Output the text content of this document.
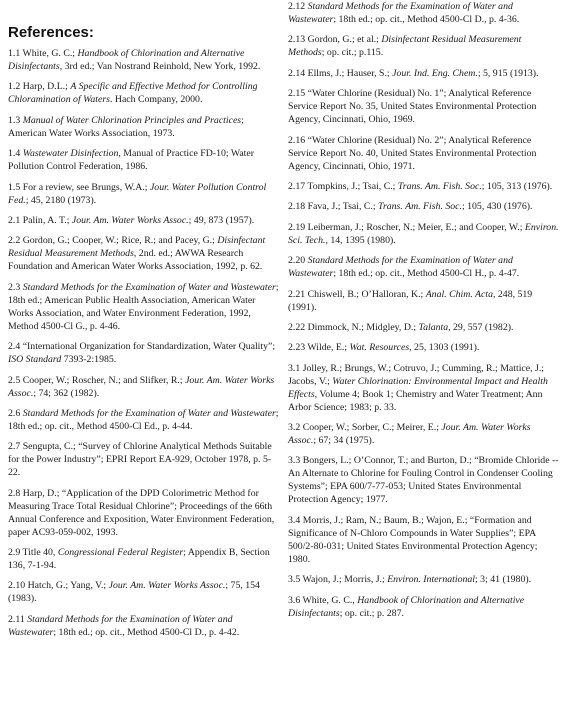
References:

1.1 White, G. C.; Handbook of Chlorination and Alternative Disinfectants, 3rd ed.; Van Nostrand Reinhold, New York, 1992.

1.2 Harp, D.L.; A Specific and Effective Method for Controlling Chloramination of Waters. Hach Company, 2000.

1.3 Manual of Water Chlorination Principles and Practices; American Water Works Association, 1973.

1.4 Wastewater Disinfection, Manual of Practice FD-10; Water Pollution Control Federation, 1986.

1.5 For a review, see Brungs, W.A.; Jour. Water Pollution Control Fed.; 45, 2180 (1973).

2.1 Palin, A. T.; Jour. Am. Water Works Assoc.; 49, 873 (1957).

2.2 Gordon, G.; Cooper, W.; Rice, R.; and Pacey, G.; Disinfectant Residual Measurement Methods, 2nd. ed.; AWWA Research Foundation and American Water Works Association, 1992, p. 62.

2.3 Standard Methods for the Examination of Water and Wastewater; 18th ed.; American Public Health Association, American Water Works Association, and Water Environment Federation, 1992, Method 4500-Cl G., p. 4-46.

2.4 “International Organization for Standardization, Water Quality”; ISO Standard 7393-2:1985.

2.5 Cooper, W.; Roscher, N.; and Slifker, R.; Jour. Am. Water Works Assoc.; 74; 362 (1982).

2.6 Standard Methods for the Examination of Water and Wastewater; 18th ed.; op. cit., Method 4500-Cl Ed., p. 4-44.

2.7 Sengupta, C.; “Survey of Chlorine Analytical Methods Suitable for the Power Industry”; EPRI Report EA-929, October 1978, p. 5-22.

2.8 Harp, D.; “Application of the DPD Colorimetric Method for Measuring Trace Total Residual Chlorine”; Proceedings of the 66th Annual Conference and Exposition, Water Environment Federation, paper AC93-059-002, 1993.

2.9 Title 40, Congressional Federal Register; Appendix B, Section 136, 7-1-94.

2.10 Hatch, G.; Yang, V.; Jour. Am. Water Works Assoc.; 75, 154 (1983).

2.11 Standard Methods for the Examination of Water and Wastewater; 18th ed.; op. cit., Method 4500-Cl D., p. 4-42.

2.12 Standard Methods for the Examination of Water and Wastewater; 18th ed.; op. cit., Method 4500-Cl D., p. 4-36.

2.13 Gordon, G.; et al.; Disinfectant Residual Measurement Methods; op. cit.; p.115.

2.14 Ellms, J.; Hauser, S.; Jour. Ind. Eng. Chem.; 5, 915 (1913).

2.15 “Water Chlorine (Residual) No. 1”; Analytical Reference Service Report No. 35, United States Environmental Protection Agency, Cincinnati, Ohio, 1969.

2.16 “Water Chlorine (Residual) No. 2”; Analytical Reference Service Report No. 40, United States Environmental Protection Agency, Cincinnati, Ohio, 1971.

2.17 Tompkins, J.; Tsai, C.; Trans. Am. Fish. Soc.; 105, 313 (1976).

2.18 Fava, J.; Tsai, C.; Trans. Am. Fish. Soc.; 105, 430 (1976).

2.19 Leiberman, J.; Roscher, N.; Meier, E.; and Cooper, W.; Environ. Sci. Tech., 14, 1395 (1980).

2.20 Standard Methods for the Examination of Water and Wastewater; 18th ed.; op. cit., Method 4500-Cl H., p. 4-47.

2.21 Chiswell, B.; O’Halloran, K.; Anal. Chim. Acta, 248, 519 (1991).

2.22 Dimmock, N.; Midgley, D.; Talanta, 29, 557 (1982).

2.23 Wilde, E.; Wat. Resources, 25, 1303 (1991).

3.1 Jolley, R.; Brungs, W.; Cotruvo, J.; Cumming, R.; Mattice, J.; Jacobs, V.; Water Chlorination: Environmental Impact and Health Effects, Volume 4; Book 1; Chemistry and Water Treatment; Ann Arbor Science; 1983; p. 33.

3.2 Cooper, W.; Sorber, C.; Meirer, E.; Jour. Am. Water Works Assoc.; 67; 34 (1975).

3.3 Bongers, L.; O’Connor, T.; and Burton, D.; “Bromide Chloride -- An Alternate to Chlorine for Fouling Control in Condenser Cooling Systems”; EPA 600/7-77-053; United States Environmental Protection Agency; 1977.

3.4 Morris, J.; Ram, N.; Baum, B.; Wajon, E.; “Formation and Significance of N-Chloro Compounds in Water Supplies”; EPA 500/2-80-031; United States Environmental Protection Agency; 1980.

3.5 Wajon, J.; Morris, J.; Environ. International; 3; 41 (1980).

3.6 White, G. C., Handbook of Chlorination and Alternative Disinfectants; op. cit.; p. 287.
